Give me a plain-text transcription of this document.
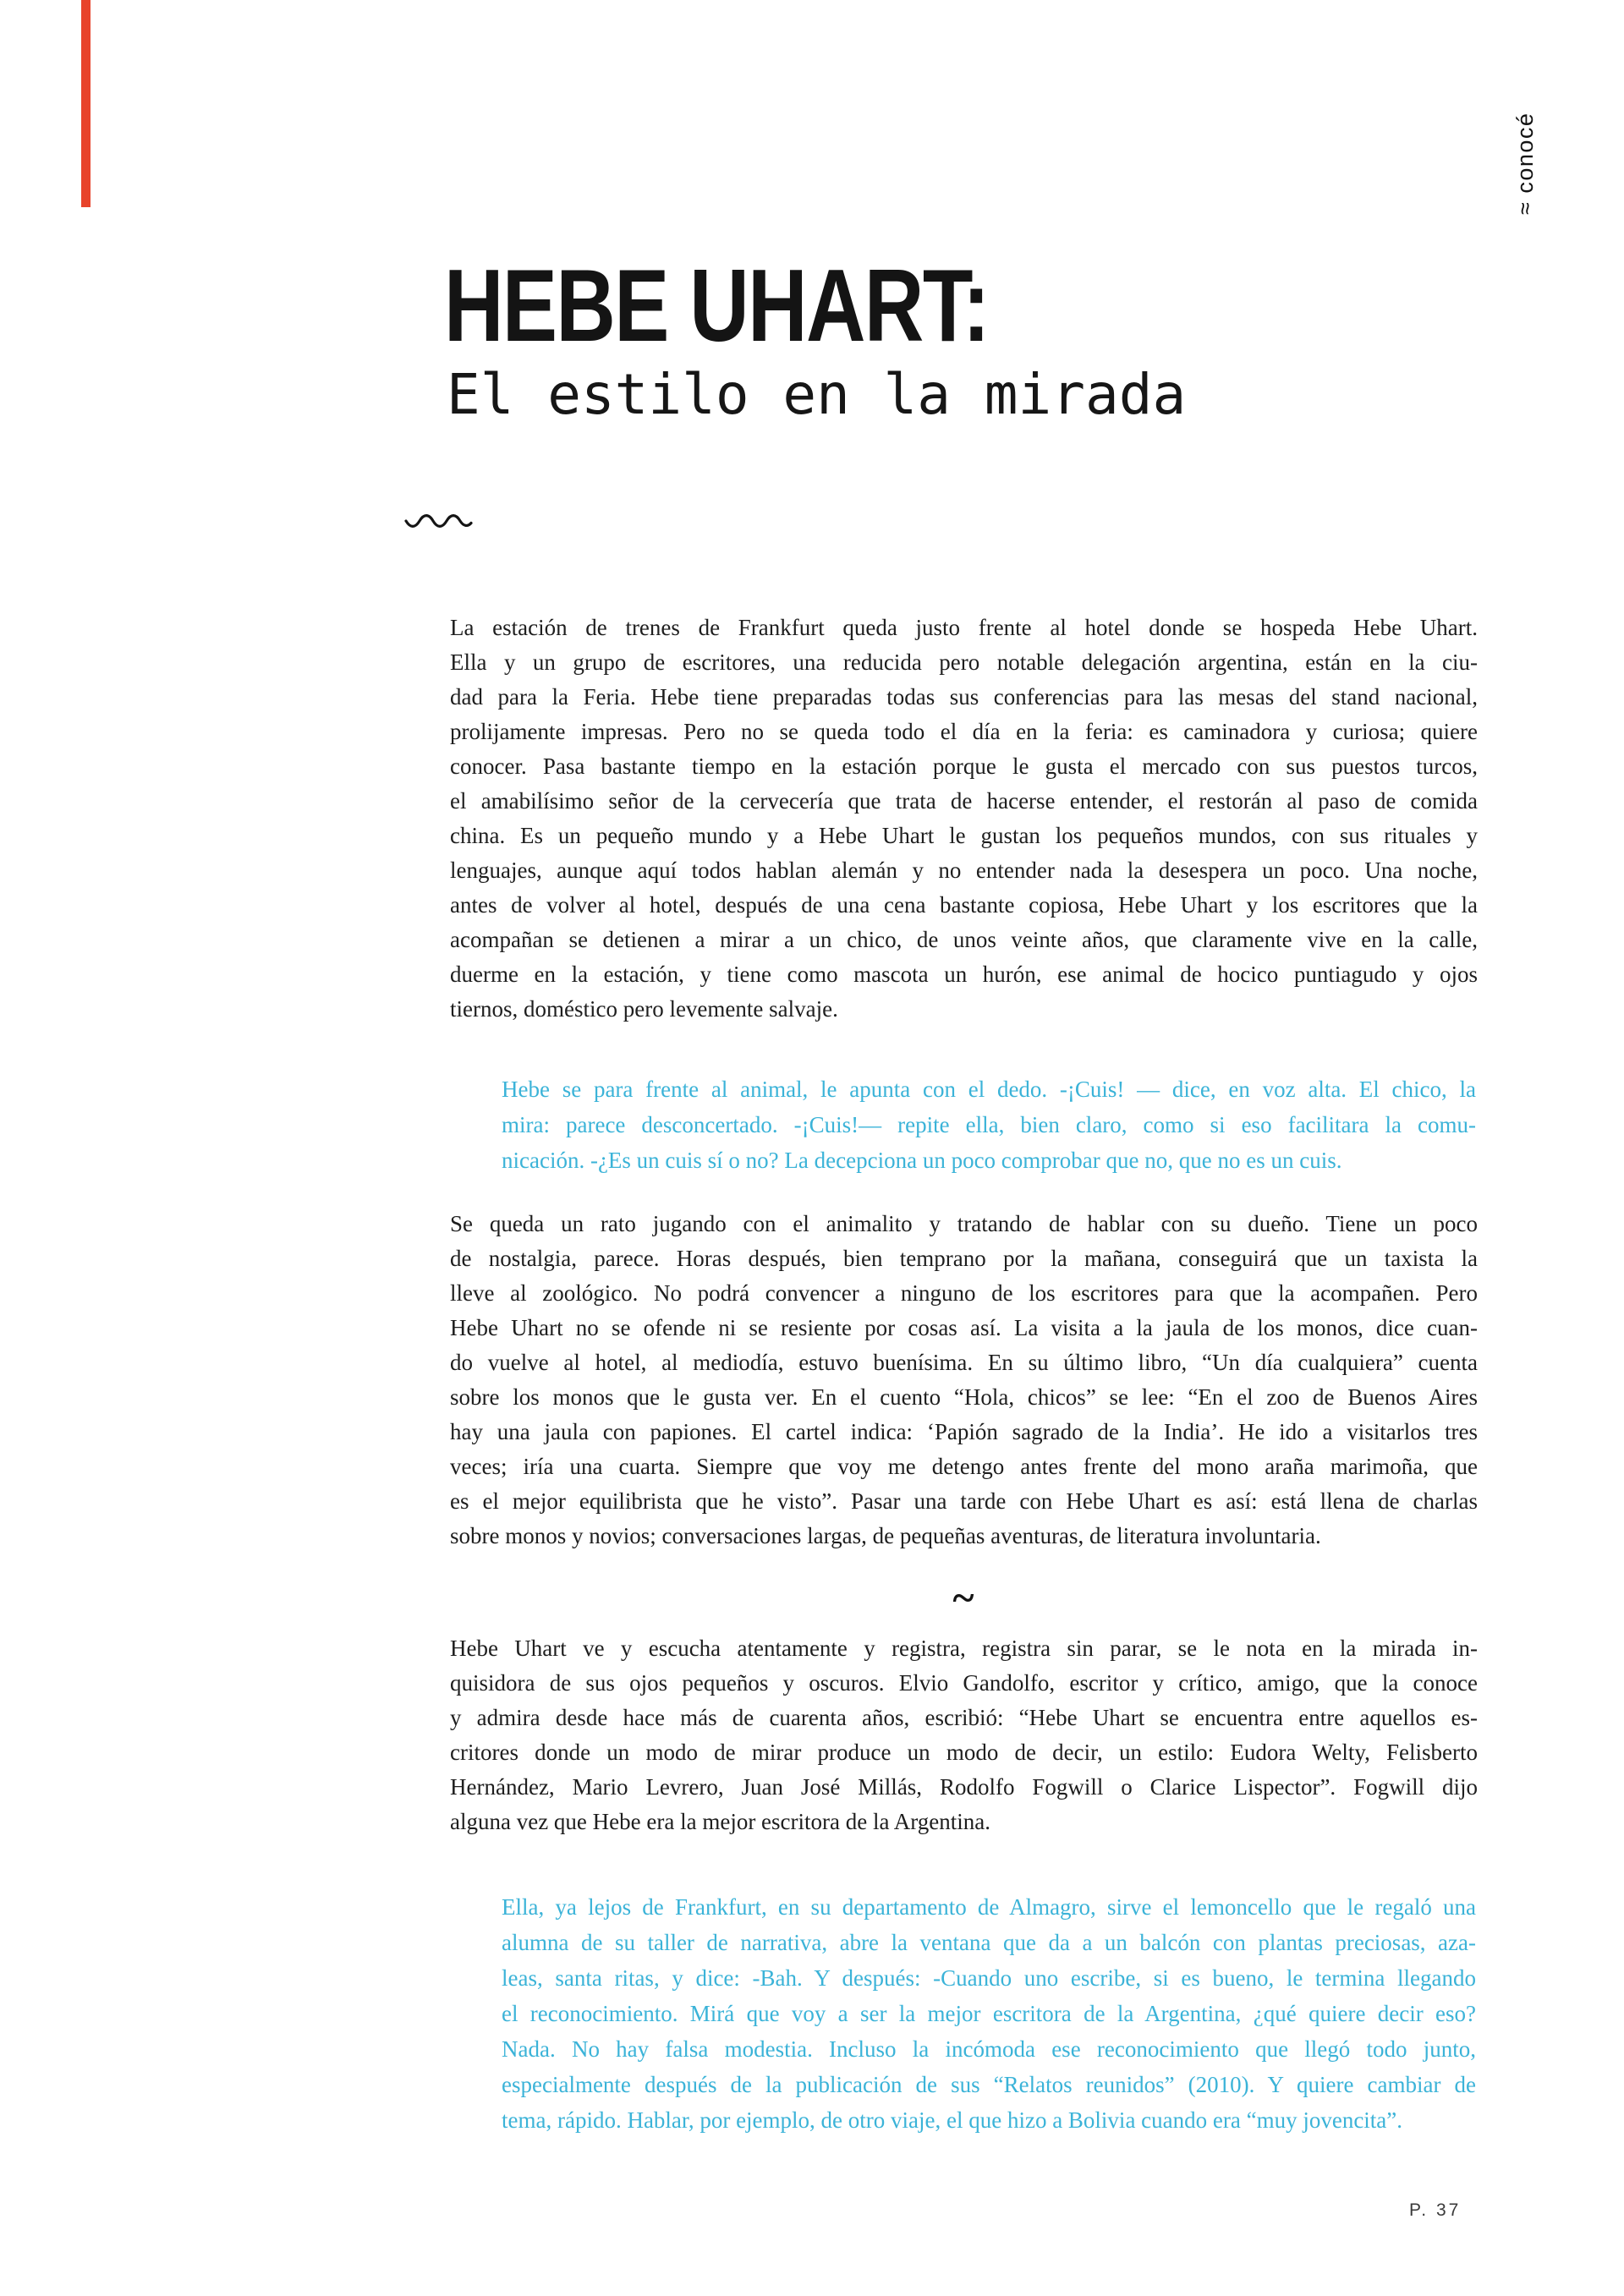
≈ conocé
HEBE UHART:
El estilo en la mirada
La estación de trenes de Frankfurt queda justo frente al hotel donde se hospeda Hebe Uhart.
Ella y un grupo de escritores, una reducida pero notable delegación argentina, están en la ciu-
dad para la Feria. Hebe tiene preparadas todas sus conferencias para las mesas del stand nacional,
prolijamente impresas. Pero no se queda todo el día en la feria: es caminadora y curiosa; quiere
conocer. Pasa bastante tiempo en la estación porque le gusta el mercado con sus puestos turcos,
el amabilísimo señor de la cervecería que trata de hacerse entender, el restorán al paso de comida
china. Es un pequeño mundo y a Hebe Uhart le gustan los pequeños mundos, con sus rituales y
lenguajes, aunque aquí todos hablan alemán y no entender nada la desespera un poco. Una noche,
antes de volver al hotel, después de una cena bastante copiosa, Hebe Uhart y los escritores que la
acompañan se detienen a mirar a un chico, de unos veinte años, que claramente vive en la calle,
duerme en la estación, y tiene como mascota un hurón, ese animal de hocico puntiagudo y ojos
tiernos, doméstico pero levemente salvaje.
Hebe se para frente al animal, le apunta con el dedo. -¡Cuis! — dice, en voz alta. El chico, la
mira: parece desconcertado. -¡Cuis!— repite ella, bien claro, como si eso facilitara la comu-
nicación. -¿Es un cuis sí o no? La decepciona un poco comprobar que no, que no es un cuis.
Se queda un rato jugando con el animalito y tratando de hablar con su dueño. Tiene un poco
de nostalgia, parece. Horas después, bien temprano por la mañana, conseguirá que un taxista la
lleve al zoológico. No podrá convencer a ninguno de los escritores para que la acompañen. Pero
Hebe Uhart no se ofende ni se resiente por cosas así. La visita a la jaula de los monos, dice cuan-
do vuelve al hotel, al mediodía, estuvo buenísima. En su último libro, “Un día cualquiera” cuenta
sobre los monos que le gusta ver. En el cuento “Hola, chicos” se lee: “En el zoo de Buenos Aires
hay una jaula con papiones. El cartel indica: ‘Papión sagrado de la India’. He ido a visitarlos tres
veces; iría una cuarta. Siempre que voy me detengo antes frente del mono araña marimoña, que
es el mejor equilibrista que he visto”. Pasar una tarde con Hebe Uhart es así: está llena de charlas
sobre monos y novios; conversaciones largas, de pequeñas aventuras, de literatura involuntaria.
~
Hebe Uhart ve y escucha atentamente y registra, registra sin parar, se le nota en la mirada in-
quisidora de sus ojos pequeños y oscuros. Elvio Gandolfo, escritor y crítico, amigo, que la conoce
y admira desde hace más de cuarenta años, escribió: “Hebe Uhart se encuentra entre aquellos es-
critores donde un modo de mirar produce un modo de decir, un estilo: Eudora Welty, Felisberto
Hernández, Mario Levrero, Juan José Millás, Rodolfo Fogwill o Clarice Lispector”. Fogwill dijo
alguna vez que Hebe era la mejor escritora de la Argentina.
Ella, ya lejos de Frankfurt, en su departamento de Almagro, sirve el lemoncello que le regaló una
alumna de su taller de narrativa, abre la ventana que da a un balcón con plantas preciosas, aza-
leas, santa ritas, y dice: -Bah. Y después: -Cuando uno escribe, si es bueno, le termina llegando
el reconocimiento. Mirá que voy a ser la mejor escritora de la Argentina, ¿qué quiere decir eso?
Nada. No hay falsa modestia. Incluso la incómoda ese reconocimiento que llegó todo junto,
especialmente después de la publicación de sus “Relatos reunidos” (2010). Y quiere cambiar de
tema, rápido. Hablar, por ejemplo, de otro viaje, el que hizo a Bolivia cuando era “muy jovencita”.
P. 37
